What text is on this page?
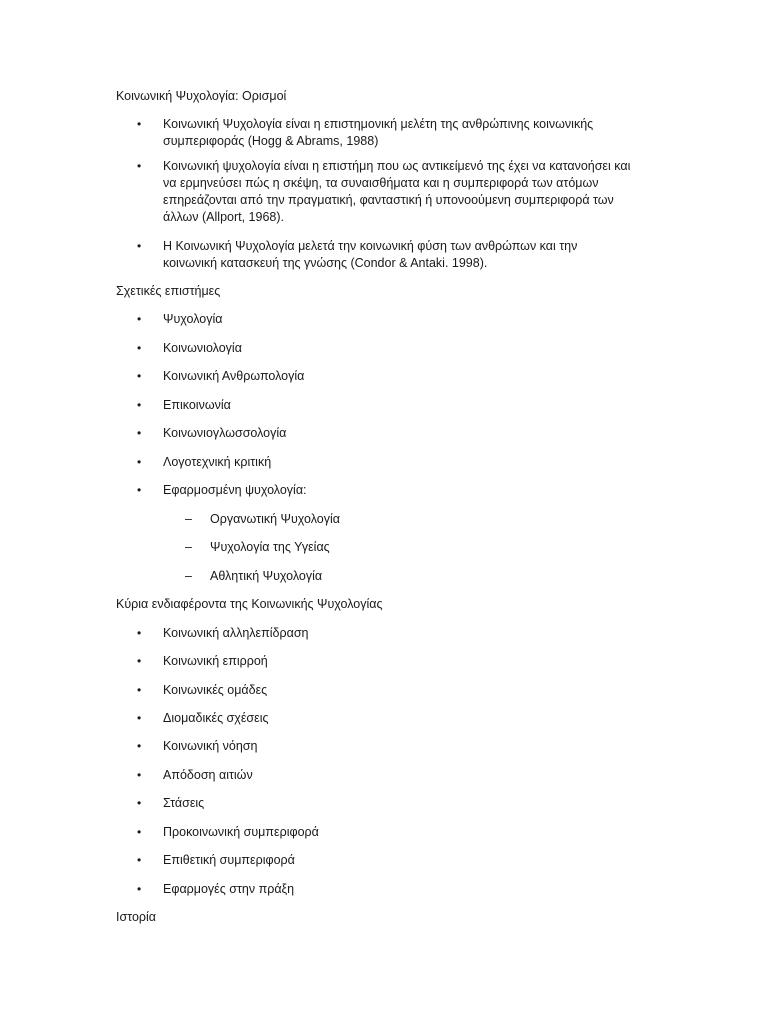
Κοινωνική Ψυχολογία: Ορισμοί
• Κοινωνική Ψυχολογία είναι η επιστημονική μελέτη της ανθρώπινης κοινωνικής συμπεριφοράς (Hogg & Abrams, 1988)
• Κοινωνική ψυχολογία είναι η επιστήμη που ως αντικείμενό της έχει να κατανοήσει και να ερμηνεύσει πώς η σκέψη, τα συναισθήματα και η συμπεριφορά των ατόμων επηρεάζονται από την πραγματική, φανταστική ή υπονοούμενη συμπεριφορά των άλλων (Allport, 1968).
• Η Κοινωνική Ψυχολογία μελετά την κοινωνική φύση των ανθρώπων και την κοινωνική κατασκευή της γνώσης (Condor & Antaki. 1998).
Σχετικές επιστήμες
• Ψυχολογία
• Κοινωνιολογία
• Κοινωνική Ανθρωπολογία
• Επικοινωνία
• Κοινωνιογλωσσολογία
• Λογοτεχνική κριτική
• Εφαρμοσμένη ψυχολογία:
– Οργανωτική Ψυχολογία
– Ψυχολογία της Υγείας
– Αθλητική Ψυχολογία
Κύρια ενδιαφέροντα της Κοινωνικής Ψυχολογίας
• Κοινωνική αλληλεπίδραση
• Κοινωνική επιρροή
• Κοινωνικές ομάδες
• Διομαδικές σχέσεις
• Κοινωνική νόηση
• Απόδοση αιτιών
• Στάσεις
• Προκοινωνική συμπεριφορά
• Επιθετική συμπεριφορά
• Εφαρμογές στην πράξη
Ιστορία
